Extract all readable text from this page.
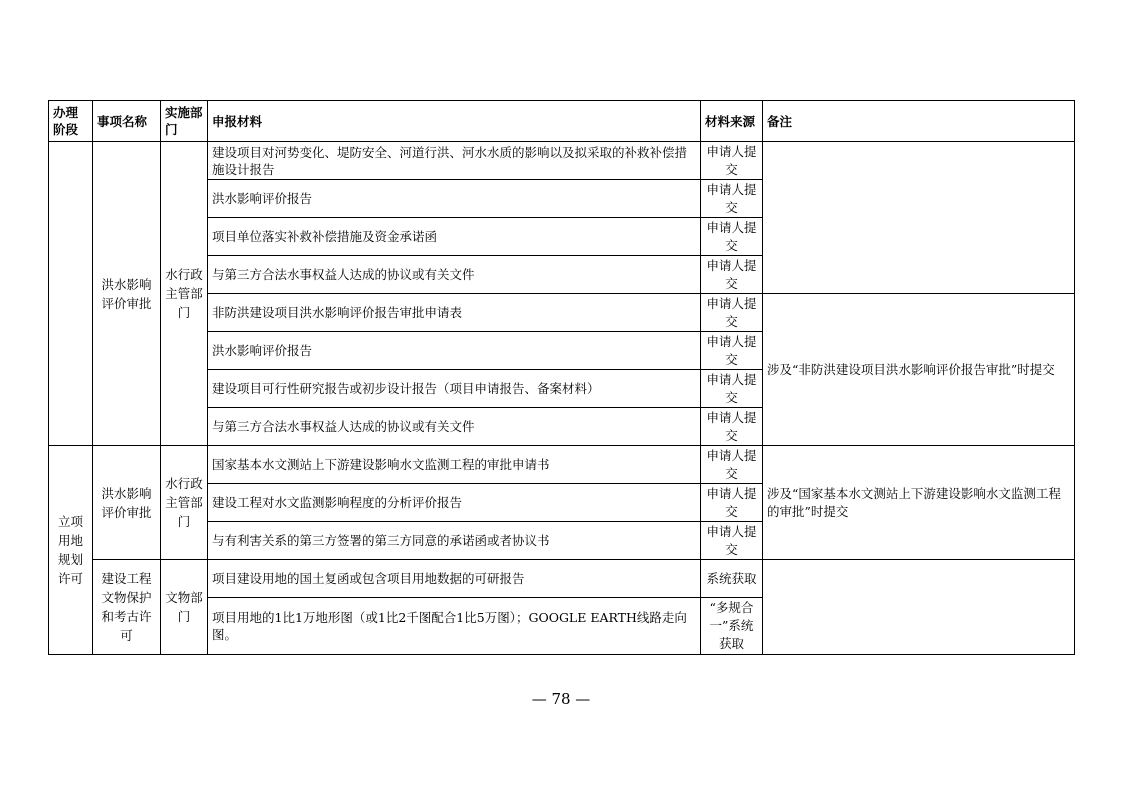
办理阶段	事项名称	实施部门	申报材料	材料来源	备注
	洪水影响评价审批	水行政主管部门	建设项目对河势变化、堤防安全、河道行洪、河水水质的影响以及拟采取的补救补偿措施设计报告	申请人提交	
			洪水影响评价报告	申请人提交	
			项目单位落实补救补偿措施及资金承诺函	申请人提交	
			与第三方合法水事权益人达成的协议或有关文件	申请人提交	
			非防洪建设项目洪水影响评价报告审批申请表	申请人提交	涉及“非防洪建设项目洪水影响评价报告审批”时提交
			洪水影响评价报告	申请人提交	
			建设项目可行性研究报告或初步设计报告（项目申请报告、备案材料）	申请人提交	
			与第三方合法水事权益人达成的协议或有关文件	申请人提交	
立项用地规划许可	洪水影响评价审批	水行政主管部门	国家基本水文测站上下游建设影响水文监测工程的审批申请书	申请人提交	涉及“国家基本水文测站上下游建设影响水文监测工程的审批”时提交
			建设工程对水文监测影响程度的分析评价报告	申请人提交	
			与有利害关系的第三方签署的第三方同意的承诺函或者协议书	申请人提交	
	建设工程文物保护和考古许可	文物部门	项目建设用地的国土复函或包含项目用地数据的可研报告	系统获取	
			项目用地的1比1万地形图（或1比2千图配合1比5万图）；GOOGLE EARTH线路走向图。	“多规合一”系统获取	
— 78 —
